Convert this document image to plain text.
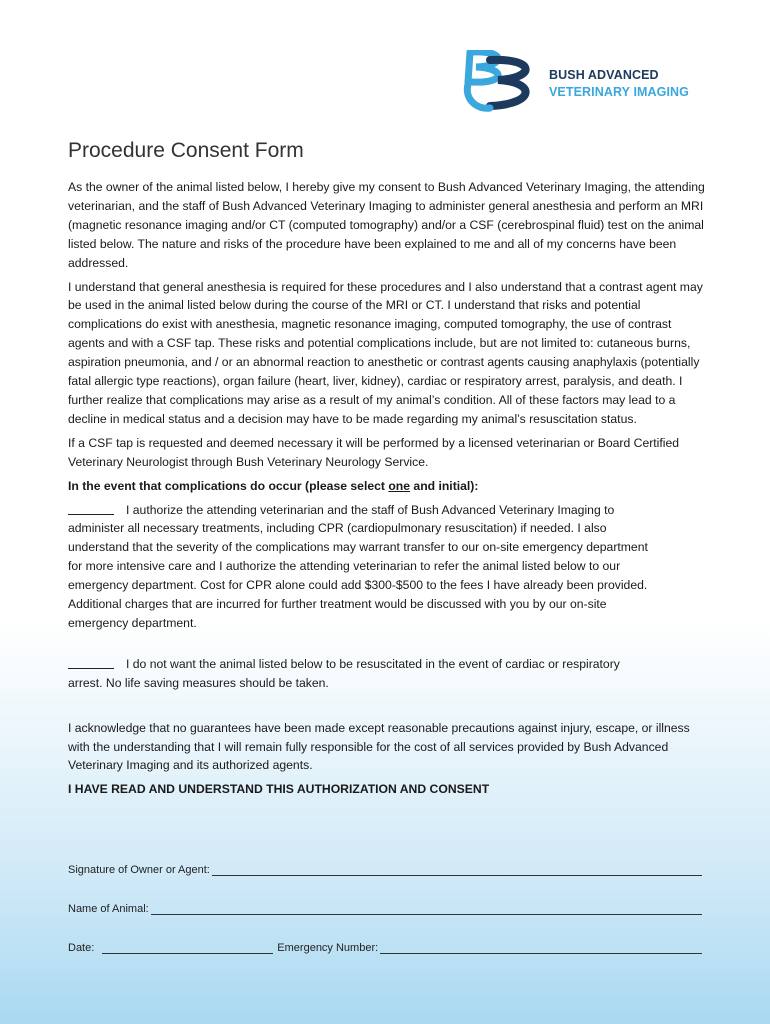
BUSH ADVANCED
VETERINARY IMAGING
Procedure Consent Form

As the owner of the animal listed below, I hereby give my consent to Bush Advanced Veterinary Imaging, the attending veterinarian, and the staff of Bush Advanced Veterinary Imaging to administer general anesthesia and perform an MRI (magnetic resonance imaging and/or CT (computed tomography) and/or a CSF (cerebrospinal fluid) test on the animal listed below. The nature and risks of the procedure have been explained to me and all of my concerns have been addressed.

I understand that general anesthesia is required for these procedures and I also understand that a contrast agent may be used in the animal listed below during the course of the MRI or CT. I understand that risks and potential complications do exist with anesthesia, magnetic resonance imaging, computed tomography, the use of contrast agents and with a CSF tap. These risks and potential complications include, but are not limited to: cutaneous burns, aspiration pneumonia, and / or an abnormal reaction to anesthetic or contrast agents causing anaphylaxis (potentially fatal allergic type reactions), organ failure (heart, liver, kidney), cardiac or respiratory arrest, paralysis, and death. I further realize that complications may arise as a result of my animal’s condition. All of these factors may lead to a decline in medical status and a decision may have to be made regarding my animal’s resuscitation status.

If a CSF tap is requested and deemed necessary it will be performed by a licensed veterinarian or Board Certified Veterinary Neurologist through Bush Veterinary Neurology Service.

In the event that complications do occur (please select one and initial):

I authorize the attending veterinarian and the staff of Bush Advanced Veterinary Imaging to administer all necessary treatments, including CPR (cardiopulmonary resuscitation) if needed. I also understand that the severity of the complications may warrant transfer to our on-site emergency department for more intensive care and I authorize the attending veterinarian to refer the animal listed below to our emergency department. Cost for CPR alone could add $300-$500 to the fees I have already been provided. Additional charges that are incurred for further treatment would be discussed with you by our on-site emergency department.

I do not want the animal listed below to be resuscitated in the event of cardiac or respiratory arrest. No life saving measures should be taken.

I acknowledge that no guarantees have been made except reasonable precautions against injury, escape, or illness with the understanding that I will remain fully responsible for the cost of all services provided by Bush Advanced Veterinary Imaging and its authorized agents.

I HAVE READ AND UNDERSTAND THIS AUTHORIZATION AND CONSENT

Signature of Owner or Agent:
Name of Animal:
Date:	Emergency Number:
